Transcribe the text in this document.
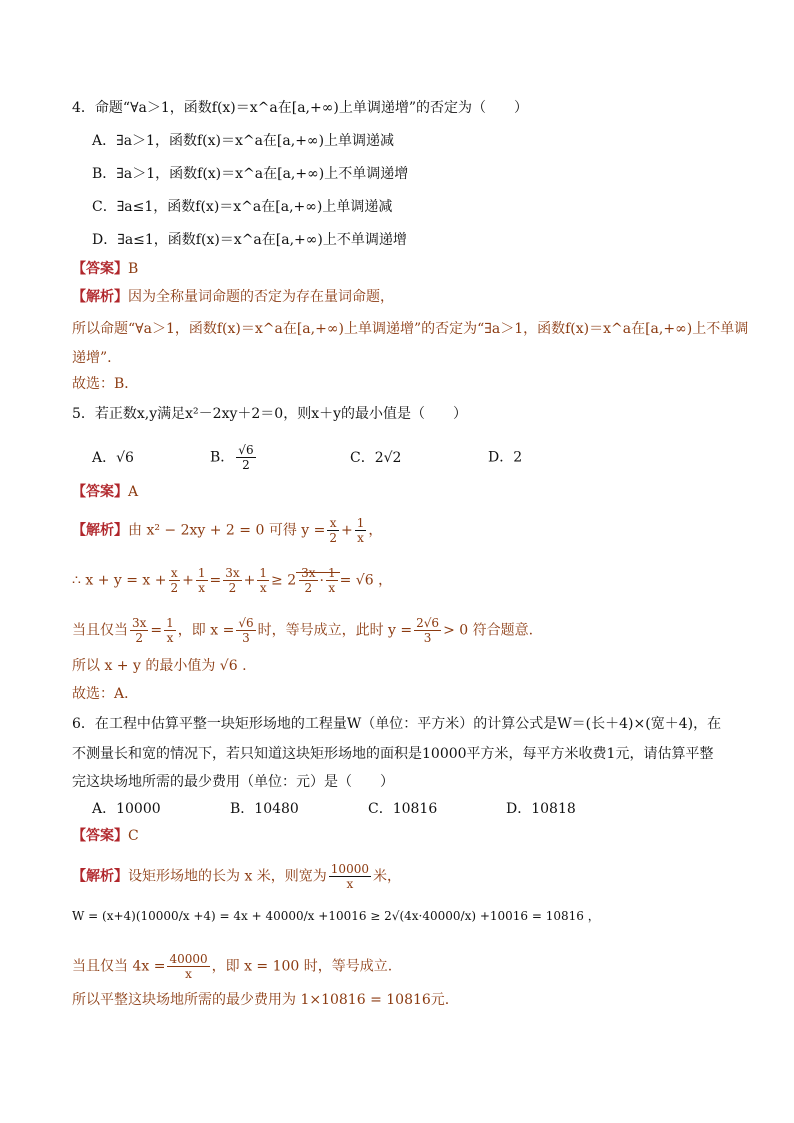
4．命题“∀a＞1，函数f(x)＝x^a在[a,+∞)上单调递增”的否定为（　　）
A．∃a＞1，函数f(x)＝x^a在[a,+∞)上单调递减
B．∃a＞1，函数f(x)＝x^a在[a,+∞)上不单调递增
C．∃a≤1，函数f(x)＝x^a在[a,+∞)上单调递减
D．∃a≤1，函数f(x)＝x^a在[a,+∞)上不单调递增
【答案】B
【解析】因为全称量词命题的否定为存在量词命题，
所以命题“∀a＞1，函数f(x)＝x^a在[a,+∞)上单调递增”的否定为“∃a＞1，函数f(x)＝x^a在[a,+∞)上不单调
递增”.
故选：B．
5．若正数x,y满足x²－2xy＋2＝0，则x＋y的最小值是（　　）
A．√6	B． $\frac{√6}{2}$	C．2√2	D．2
【答案】A
【解析】由 x² − 2xy + 2 = 0 可得 $y = \frac{x}{2} + \frac{1}{x}$ ，
∴ $x + y = x + \frac{x}{2} + \frac{1}{x} = \frac{3x}{2} + \frac{1}{x} \ge 2 \frac{3x}{2} \cdot \frac{1}{x} = √6$ ，
当且仅当 $\frac{3x}{2} = \frac{1}{x}$ ，即 $x = \frac{√6}{3}$ 时，等号成立，此时 $y = \frac{2√6}{3} > 0$ 符合题意.
所以 x + y 的最小值为 √6 .
故选：A．
6．在工程中估算平整一块矩形场地的工程量W（单位：平方米）的计算公式是W＝(长＋4)×(宽＋4)，在
不测量长和宽的情况下，若只知道这块矩形场地的面积是10000平方米，每平方米收费1元，请估算平整
完这块场地所需的最少费用（单位：元）是（　　）
A．10000	B．10480	C．10816	D．10818
【答案】C
【解析】设矩形场地的长为 x 米，则宽为 $\frac{10000}{x}$ 米，
W = (x+4)(10000/x +4) = 4x + 40000/x +10016 ≥ 2√(4x·40000/x) +10016 = 10816 ，
当且仅当 $4x = \frac{40000}{x}$ ，即 x = 100 时，等号成立.
所以平整这块场地所需的最少费用为 1×10816 = 10816元.
